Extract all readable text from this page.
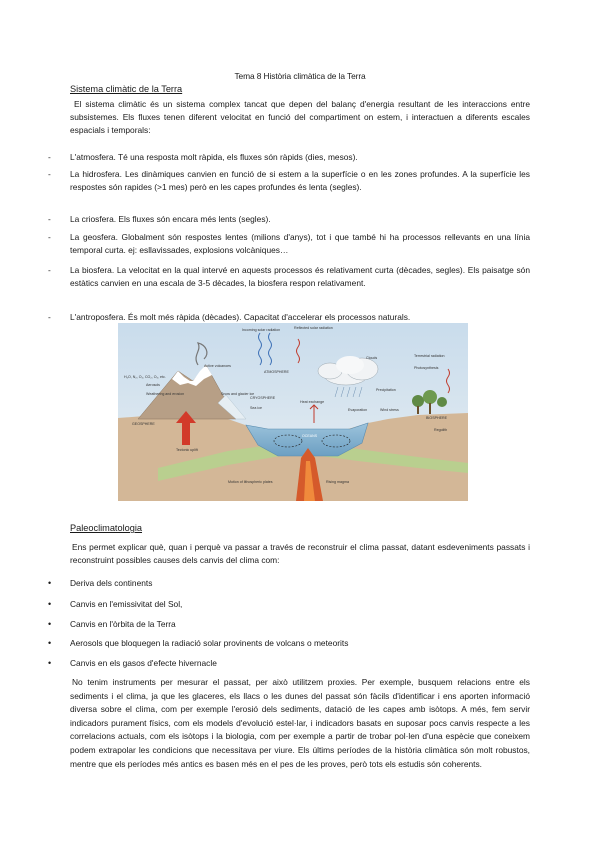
Tema 8 Història climàtica de la Terra
Sistema climàtic de la Terra
El sistema climàtic és un sistema complex tancat que depen del balanç d'energia resultant de les interaccions entre subsistemes. Els fluxes tenen diferent velocitat en funció del compartiment on estem, i interactuen a diferents escales espacials i temporals:
- L'atmosfera. Té una resposta molt ràpida, els fluxes són ràpids (dies, mesos).
- La hidrosfera. Les dinàmiques canvien en funció de si estem a la superfície o en les zones profundes. A la superfície les respostes són rapides (>1 mes) però en les capes profundes és lenta (segles).
- La criosfera. Els fluxes són encara més lents (segles).
- La geosfera. Globalment són respostes lentes (milions d'anys), tot i que també hi ha processos rellevants en una línia temporal curta. ej: esllavissades, explosions volcàniques…
- La biosfera. La velocitat en la qual intervé en aquests processos és relativament curta (dècades, segles). Els paisatge són estàtics canvien en una escala de 3-5 dècades, la biosfera respon relativament.
- L'antroposfera. És molt més ràpida (dècades). Capacitat d'accelerar els processos naturals.
Incoming solar radiation	Reflected solar radiation
ATMOSPHERE
Clouds	Terrestrial radiation
Photosynthesis
H₂O, N₂, O₂, CO₂, O₃, etc.
Aerosols
Active volcanoes
Weathering and erosion	Snow and glacier ice
CRYOSPHERE
Sea ice
Heat exchange
Evaporation
Precipitation
Wind stress
BIOSPHERE
GEOSPHERE
Tectonic uplift
OCEANS
Regolith
Motion of lithospheric plates	Rising magma
Paleoclimatologia
Ens permet explicar què, quan i perquè va passar a través de reconstruir el clima passat, datant esdeveniments passats i reconstruint possibles causes dels canvis del clima com:
• Deriva dels continents
• Canvis en l'emissivitat del Sol,
• Canvis en l'òrbita de la Terra
• Aerosols que bloquegen la radiació solar provinents de volcans o meteorits
• Canvis en els gasos d'efecte hivernacle
No tenim instruments per mesurar el passat, per això utilitzem proxies. Per exemple, busquem relacions entre els sediments i el clima, ja que les glaceres, els llacs o les dunes del passat són fàcils d'identificar i ens aporten informació diversa sobre el clima, com per exemple l'erosió dels sediments, datació de les capes amb isòtops. A més, fem servir indicadors purament físics, com els models d'evolució estel·lar, i indicadors basats en suposar pocs canvis respecte a les correlacions actuals, com els isòtops i la biologia, com per exemple a partir de trobar pol·len d'una espècie que coneixem podem extrapolar les condicions que necessitava per viure. Els últims períodes de la història climàtica són molt robustos, mentre que els períodes més antics es basen més en el pes de les proves, però tots els estudis són coherents.
